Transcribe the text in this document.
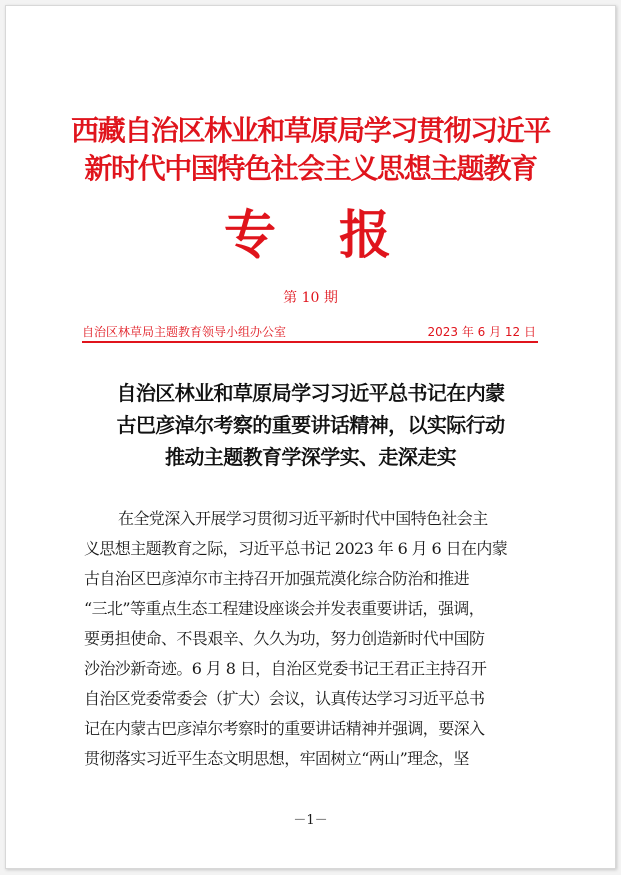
西藏自治区林业和草原局学习贯彻习近平
新时代中国特色社会主义思想主题教育
专 报
第 10 期
自治区林草局主题教育领导小组办公室	2023 年 6 月 12 日
自治区林业和草原局学习习近平总书记在内蒙
古巴彦淖尔考察的重要讲话精神，以实际行动
推动主题教育学深学实、走深走实
在全党深入开展学习贯彻习近平新时代中国特色社会主
义思想主题教育之际，习近平总书记 2023 年 6 月 6 日在内蒙
古自治区巴彦淖尔市主持召开加强荒漠化综合防治和推进
“三北”等重点生态工程建设座谈会并发表重要讲话，强调，
要勇担使命、不畏艰辛、久久为功，努力创造新时代中国防
沙治沙新奇迹。6 月 8 日，自治区党委书记王君正主持召开
自治区党委常委会（扩大）会议，认真传达学习习近平总书
记在内蒙古巴彦淖尔考察时的重要讲话精神并强调，要深入
贯彻落实习近平生态文明思想，牢固树立“两山”理念，坚
－1－
